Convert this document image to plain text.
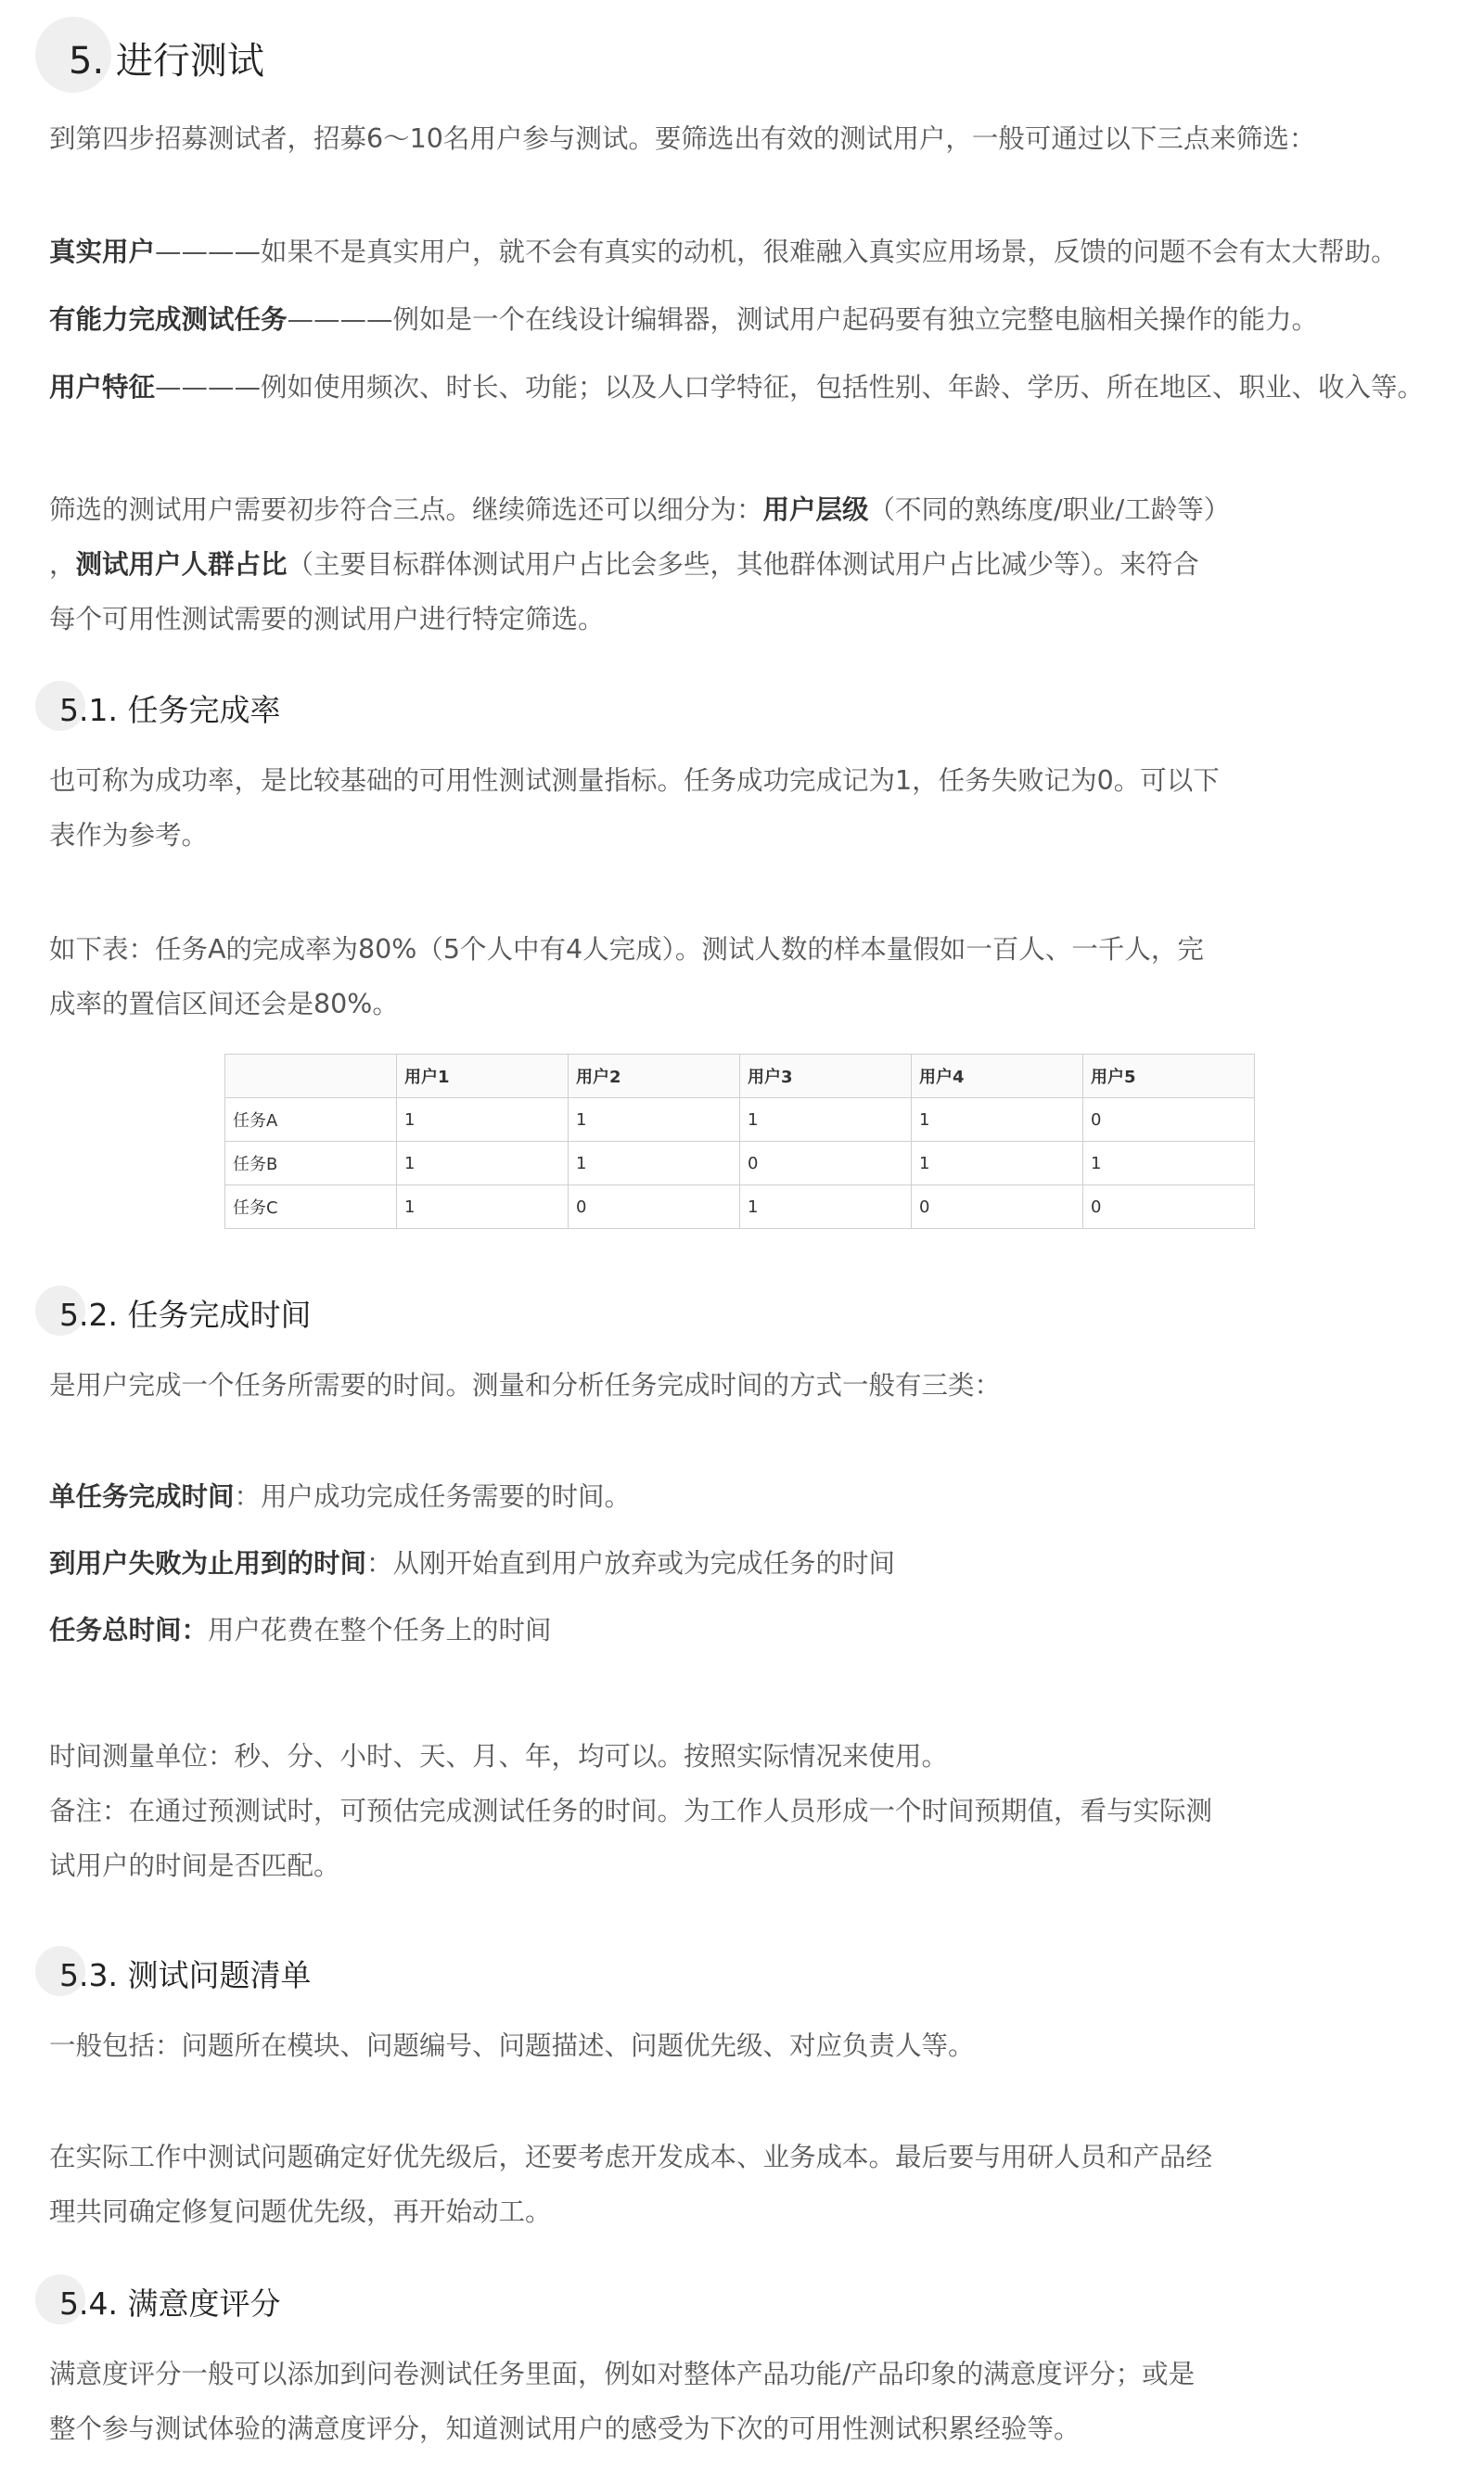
5. 进行测试
到第四步招募测试者，招募6～10名用户参与测试。要筛选出有效的测试用户，一般可通过以下三点来筛选：
真实用户————如果不是真实用户，就不会有真实的动机，很难融入真实应用场景，反馈的问题不会有太大帮助。
有能力完成测试任务————例如是一个在线设计编辑器，测试用户起码要有独立完整电脑相关操作的能力。
用户特征————例如使用频次、时长、功能；以及人口学特征，包括性别、年龄、学历、所在地区、职业、收入等。
筛选的测试用户需要初步符合三点。继续筛选还可以细分为：用户层级（不同的熟练度/职业/工龄等）
，测试用户人群占比（主要目标群体测试用户占比会多些，其他群体测试用户占比减少等）。来符合
每个可用性测试需要的测试用户进行特定筛选。
5.1. 任务完成率
也可称为成功率，是比较基础的可用性测试测量指标。任务成功完成记为1，任务失败记为0。可以下
表作为参考。
如下表：任务A的完成率为80%（5个人中有4人完成）。测试人数的样本量假如一百人、一千人，完
成率的置信区间还会是80%。
	用户1	用户2	用户3	用户4	用户5
任务A	1	1	1	1	0
任务B	1	1	0	1	1
任务C	1	0	1	0	0
5.2. 任务完成时间
是用户完成一个任务所需要的时间。测量和分析任务完成时间的方式一般有三类：
单任务完成时间：用户成功完成任务需要的时间。
到用户失败为止用到的时间：从刚开始直到用户放弃或为完成任务的时间
任务总时间：用户花费在整个任务上的时间
时间测量单位：秒、分、小时、天、月、年，均可以。按照实际情况来使用。
备注：在通过预测试时，可预估完成测试任务的时间。为工作人员形成一个时间预期值，看与实际测
试用户的时间是否匹配。
5.3. 测试问题清单
一般包括：问题所在模块、问题编号、问题描述、问题优先级、对应负责人等。
在实际工作中测试问题确定好优先级后，还要考虑开发成本、业务成本。最后要与用研人员和产品经
理共同确定修复问题优先级，再开始动工。
5.4. 满意度评分
满意度评分一般可以添加到问卷测试任务里面，例如对整体产品功能/产品印象的满意度评分；或是
整个参与测试体验的满意度评分，知道测试用户的感受为下次的可用性测试积累经验等。
